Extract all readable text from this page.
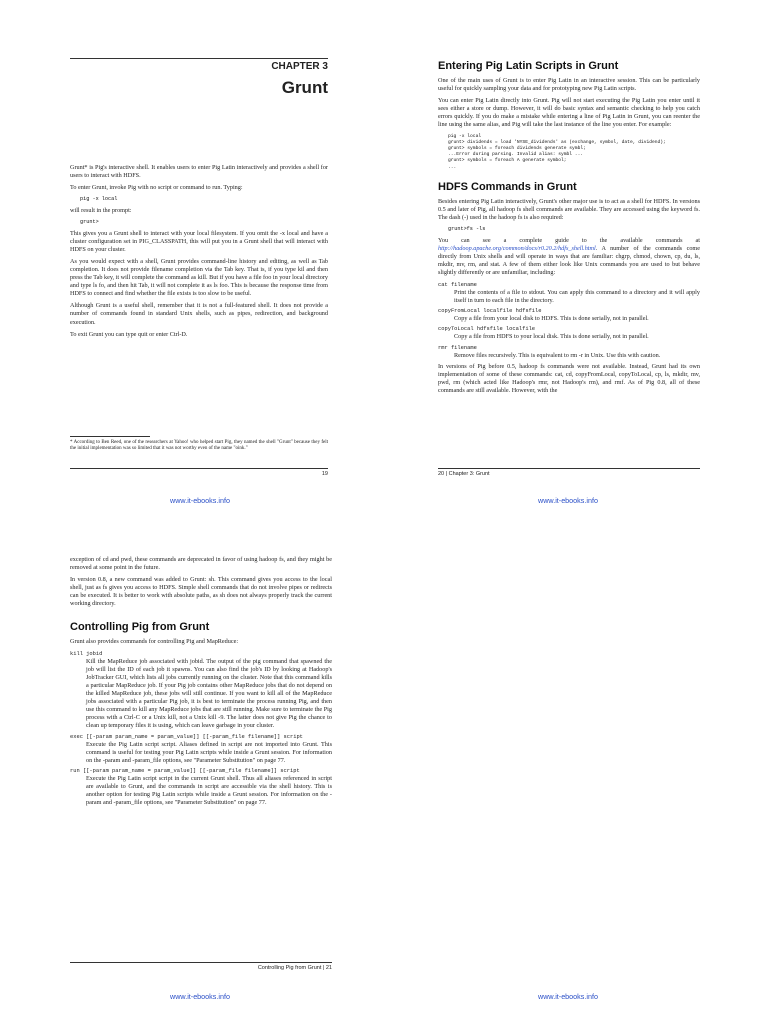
CHAPTER 3
Grunt

Grunt* is Pig's interactive shell. It enables users to enter Pig Latin interactively and provides a shell for users to interact with HDFS.

To enter Grunt, invoke Pig with no script or command to run. Typing:

pig -x local

will result in the prompt:

grunt>

This gives you a Grunt shell to interact with your local filesystem. If you omit the -x local and have a cluster configuration set in PIG_CLASSPATH, this will put you in a Grunt shell that will interact with HDFS on your cluster.

As you would expect with a shell, Grunt provides command-line history and editing, as well as Tab completion. It does not provide filename completion via the Tab key. That is, if you type kil and then press the Tab key, it will complete the command as kill. But if you have a file foo in your local directory and type ls fo, and then hit Tab, it will not complete it as ls foo. This is because the response time from HDFS to connect and find whether the file exists is too slow to be useful.

Although Grunt is a useful shell, remember that it is not a full-featured shell. It does not provide a number of commands found in standard Unix shells, such as pipes, redirection, and background execution.

To exit Grunt you can type quit or enter Ctrl-D.

* According to Ben Reed, one of the researchers at Yahoo! who helped start Pig, they named the shell "Grunt" because they felt the initial implementation was so limited that it was not worthy even of the name "oink."

19
www.it-ebooks.info
Entering Pig Latin Scripts in Grunt

One of the main uses of Grunt is to enter Pig Latin in an interactive session. This can be particularly useful for quickly sampling your data and for prototyping new Pig Latin scripts.

You can enter Pig Latin directly into Grunt. Pig will not start executing the Pig Latin you enter until it sees either a store or dump. However, it will do basic syntax and semantic checking to help you catch errors quickly. If you do make a mistake while entering a line of Pig Latin in Grunt, you can reenter the line using the same alias, and Pig will take the last instance of the line you enter. For example:

pig -x local
grunt> dividends = load 'NYSE_dividends' as (exchange, symbol, date, dividend);
grunt> symbols = foreach dividends generate symbl;
...Error during parsing. Invalid alias: symbl ...
grunt> symbols = foreach A generate symbol;
...
HDFS Commands in Grunt

Besides entering Pig Latin interactively, Grunt's other major use is to act as a shell for HDFS. In versions 0.5 and later of Pig, all hadoop fs shell commands are available. They are accessed using the keyword fs. The dash (-) used in the hadoop fs is also required:

grunt>fs -ls

You can see a complete guide to the available commands at http://hadoop.apache.org/common/docs/r0.20.2/hdfs_shell.html. A number of the commands come directly from Unix shells and will operate in ways that are familiar: chgrp, chmod, chown, cp, du, ls, mkdir, mv, rm, and stat. A few of them either look like Unix commands you are used to but behave slightly differently or are unfamiliar, including:

cat filename
Print the contents of a file to stdout. You can apply this command to a directory and it will apply itself in turn to each file in the directory.
copyFromLocal localfile hdfsfile
Copy a file from your local disk to HDFS. This is done serially, not in parallel.
copyToLocal hdfsfile localfile
Copy a file from HDFS to your local disk. This is done serially, not in parallel.
rmr filename
Remove files recursively. This is equivalent to rm -r in Unix. Use this with caution.

In versions of Pig before 0.5, hadoop fs commands were not available. Instead, Grunt had its own implementation of some of these commands: cat, cd, copyFromLocal, copyToLocal, cp, ls, mkdir, mv, pwd, rm (which acted like Hadoop's rmr, not Hadoop's rm), and rmf. As of Pig 0.8, all of these commands are still available. However, with the

20 | Chapter 3: Grunt
www.it-ebooks.info

exception of cd and pwd, these commands are deprecated in favor of using hadoop fs, and they might be removed at some point in the future.

In version 0.8, a new command was added to Grunt: sh. This command gives you access to the local shell, just as fs gives you access to HDFS. Simple shell commands that do not involve pipes or redirects can be executed. It is better to work with absolute paths, as sh does not always properly track the current working directory.

Controlling Pig from Grunt

Grunt also provides commands for controlling Pig and MapReduce:

kill jobid
Kill the MapReduce job associated with jobid. The output of the pig command that spawned the job will list the ID of each job it spawns. You can also find the job's ID by looking at Hadoop's JobTracker GUI, which lists all jobs currently running on the cluster. Note that this command kills a particular MapReduce job. If your Pig job contains other MapReduce jobs that do not depend on the killed MapReduce job, these jobs will still continue. If you want to kill all of the MapReduce jobs associated with a particular Pig job, it is best to terminate the process running Pig, and then use this command to kill any MapReduce jobs that are still running. Make sure to terminate the Pig process with a Ctrl-C or a Unix kill, not a Unix kill -9. The latter does not give Pig the chance to clean up temporary files it is using, which can leave garbage in your cluster.
exec [[-param param_name = param_value]] [[-param_file filename]] script
Execute the Pig Latin script script. Aliases defined in script are not imported into Grunt. This command is useful for testing your Pig Latin scripts while inside a Grunt session. For information on the -param and -param_file options, see "Parameter Substitution" on page 77.
run [[-param param_name = param_value]] [[-param_file filename]] script
Execute the Pig Latin script script in the current Grunt shell. Thus all aliases referenced in script are available to Grunt, and the commands in script are accessible via the shell history. This is another option for testing Pig Latin scripts while inside a Grunt session. For information on the -param and -param_file options, see "Parameter Substitution" on page 77.
Controlling Pig from Grunt | 21
www.it-ebooks.info	www.it-ebooks.info
